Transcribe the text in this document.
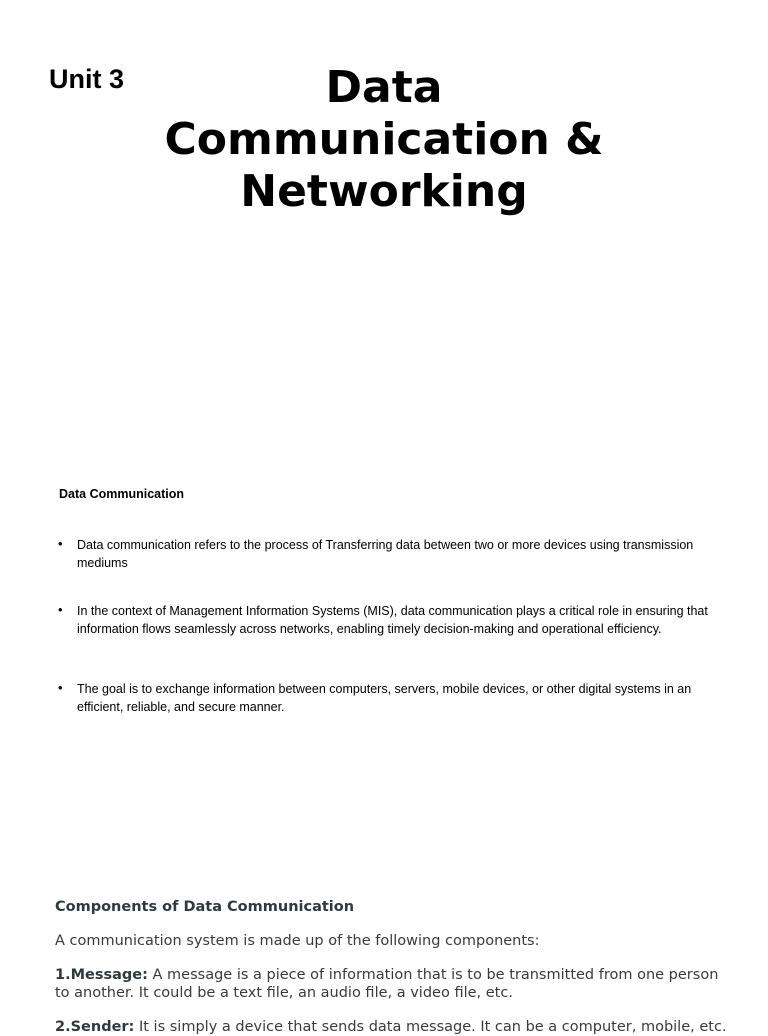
Unit 3	Data
Communication &
Networking
Data Communication
• Data communication refers to the process of Transferring data between two or more devices using transmission mediums
• In the context of Management Information Systems (MIS), data communication plays a critical role in ensuring that information flows seamlessly across networks, enabling timely decision-making and operational efficiency.
• The goal is to exchange information between computers, servers, mobile devices, or other digital systems in an efficient, reliable, and secure manner.

Components of Data Communication

A communication system is made up of the following components:

1.Message: A message is a piece of information that is to be transmitted from one person to another. It could be a text file, an audio file, a video file, etc.

2.Sender: It is simply a device that sends data message. It can be a computer, mobile, etc.
